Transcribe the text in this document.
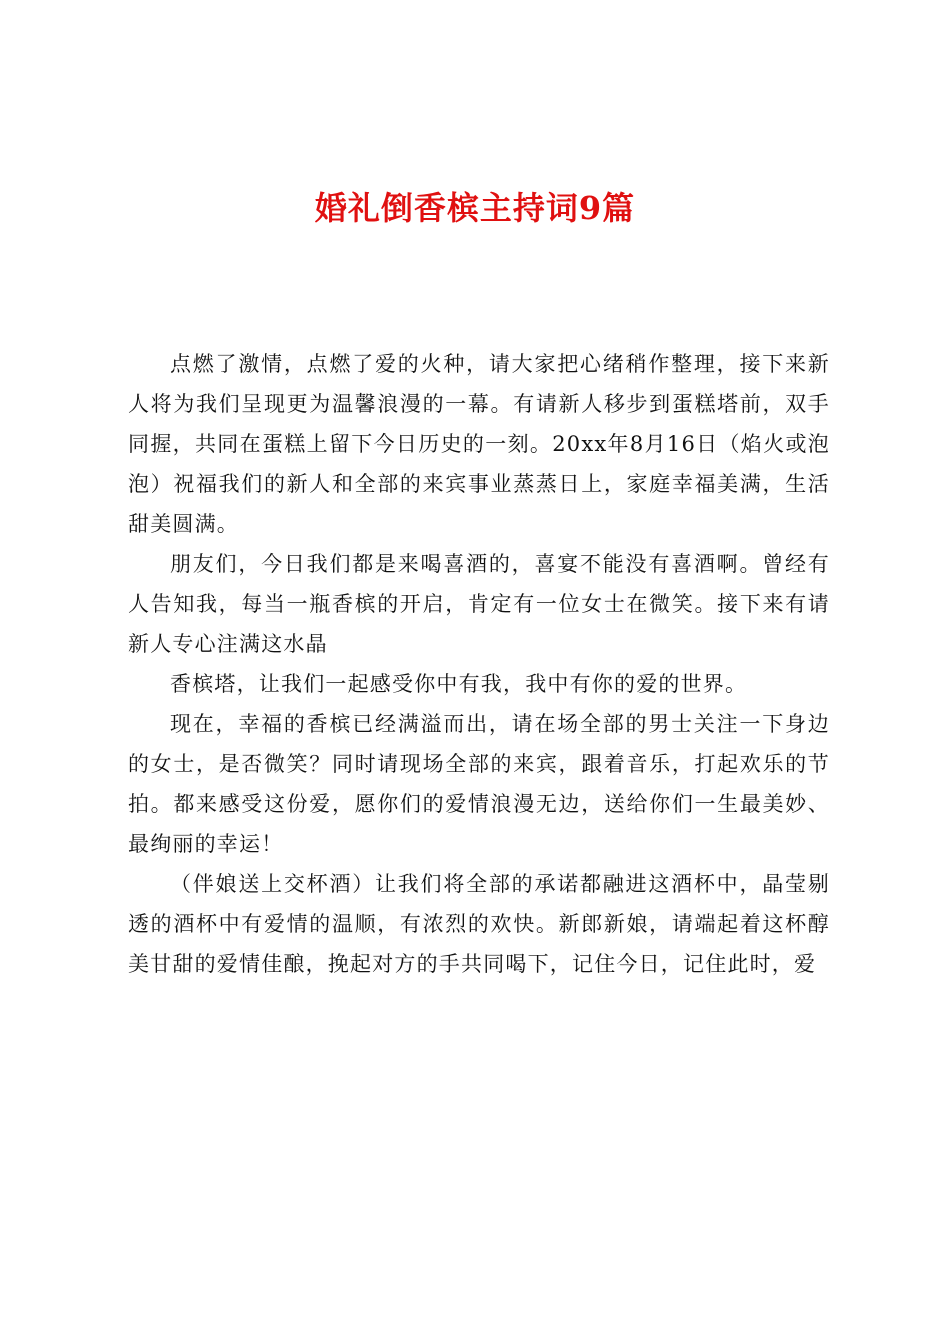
婚礼倒香槟主持词9篇

点燃了激情，点燃了爱的火种，请大家把心绪稍作整理，接下来新人将为我们呈现更为温馨浪漫的一幕。有请新人移步到蛋糕塔前，双手同握，共同在蛋糕上留下今日历史的一刻。20xx年8月16日（焰火或泡泡）祝福我们的新人和全部的来宾事业蒸蒸日上，家庭幸福美满，生活甜美圆满。

朋友们，今日我们都是来喝喜酒的，喜宴不能没有喜酒啊。曾经有人告知我，每当一瓶香槟的开启，肯定有一位女士在微笑。接下来有请新人专心注满这水晶

香槟塔，让我们一起感受你中有我，我中有你的爱的世界。

现在，幸福的香槟已经满溢而出，请在场全部的男士关注一下身边的女士，是否微笑？同时请现场全部的来宾，跟着音乐，打起欢乐的节拍。都来感受这份爱，愿你们的爱情浪漫无边，送给你们一生最美妙、最绚丽的幸运！

（伴娘送上交杯酒）让我们将全部的承诺都融进这酒杯中，晶莹剔透的酒杯中有爱情的温顺，有浓烈的欢快。新郎新娘，请端起着这杯醇美甘甜的爱情佳酿，挽起对方的手共同喝下，记住今日，记住此时，爱
